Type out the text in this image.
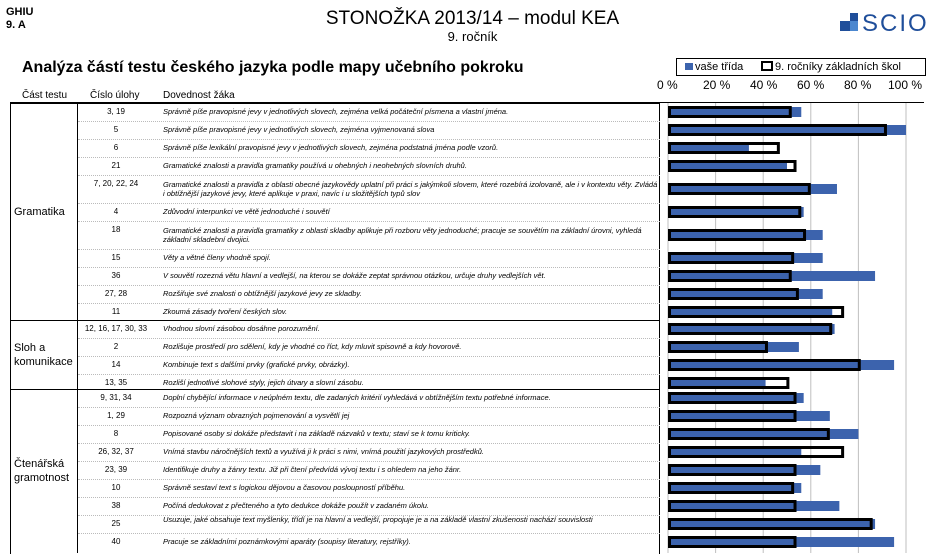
GHIU
9. A	STONOŽKA 2013/14 – modul KEA
9. ročník	SCIO
Analýza částí testu českého jazyka podle mapy učebního pokroku	vaše třída	9. ročníky základních škol
0 % 20 % 40 % 60 % 80 % 100 %
Část testu Číslo úlohy Dovednost žáka
3, 19	Správně píše pravopisné jevy v jednotlivých slovech, zejména velká počáteční písmena a vlastní jména.
5	Správně píše pravopisné jevy v jednotlivých slovech, zejména vyjmenovaná slova
6	Správně píše lexikální pravopisné jevy v jednotlivých slovech, zejména podstatná jména podle vzorů.
21	Gramatické znalosti a pravidla gramatiky používá u ohebných i neohebných slovních druhů.
7, 20, 22, 24	Gramatické znalosti a pravidla z oblasti obecné jazykovědy uplatní při práci s jakýmkoli slovem, které rozebírá izolovaně, ale i v kontextu věty. Zvládá i obtížnější jazykové jevy, které aplikuje v praxi, navíc i u složitějších typů slov
4	Zdůvodní interpunkci ve větě jednoduché i souvětí
18	Gramatické znalosti a pravidla gramatiky z oblasti skladby aplikuje při rozboru věty jednoduché; pracuje se souvětím na základní úrovni, vyhledá základní skladební dvojici.
15	Věty a větné členy vhodně spojí.
36	V souvětí rozezná větu hlavní a vedlejší, na kterou se dokáže zeptat správnou otázkou, určuje druhy vedlejších vět.
27, 28	Rozšiřuje své znalosti o obtížnější jazykové jevy ze skladby.
11	Zkoumá zásady tvoření českých slov.
Gramatika
12, 16, 17, 30, 33	Vhodnou slovní zásobou dosáhne porozumění.
2	Rozlišuje prostředí pro sdělení, kdy je vhodné co říct, kdy mluvit spisovně a kdy hovorově.
14	Kombinuje text s dalšími prvky (grafické prvky, obrázky).
13, 35	Rozliší jednotlivé slohové styly, jejich útvary a slovní zásobu.
Sloh a komunikace
9, 31, 34	Doplní chybějící informace v neúplném textu, dle zadaných kritérií vyhledává v obtížnějším textu potřebné informace.
1, 29	Rozpozná význam obrazných pojmenování a vysvětlí jej
8	Popisované osoby si dokáže představit i na základě názvaků v textu; staví se k tomu kriticky.
26, 32, 37	Vnímá stavbu náročnějších textů a využívá ji k práci s nimi, vnímá použití jazykových prostředků.
23, 39	Identifikuje druhy a žánry textu. Již při čtení předvídá vývoj textu i s ohledem na jeho žánr.
10	Správně sestaví text s logickou dějovou a časovou posloupností příběhu.
38	Počíná dedukovat z přečteného a tyto dedukce dokáže použít v zadaném úkolu.
25	Usuzuje, jaké obsahuje text myšlenky, třídí je na hlavní a vedlejší, propojuje je a na základě vlastní zkušenosti nachází souvislosti
40	Pracuje se základními poznámkovými aparáty (soupisy literatury, rejstříky).
Čtenářská gramotnost
